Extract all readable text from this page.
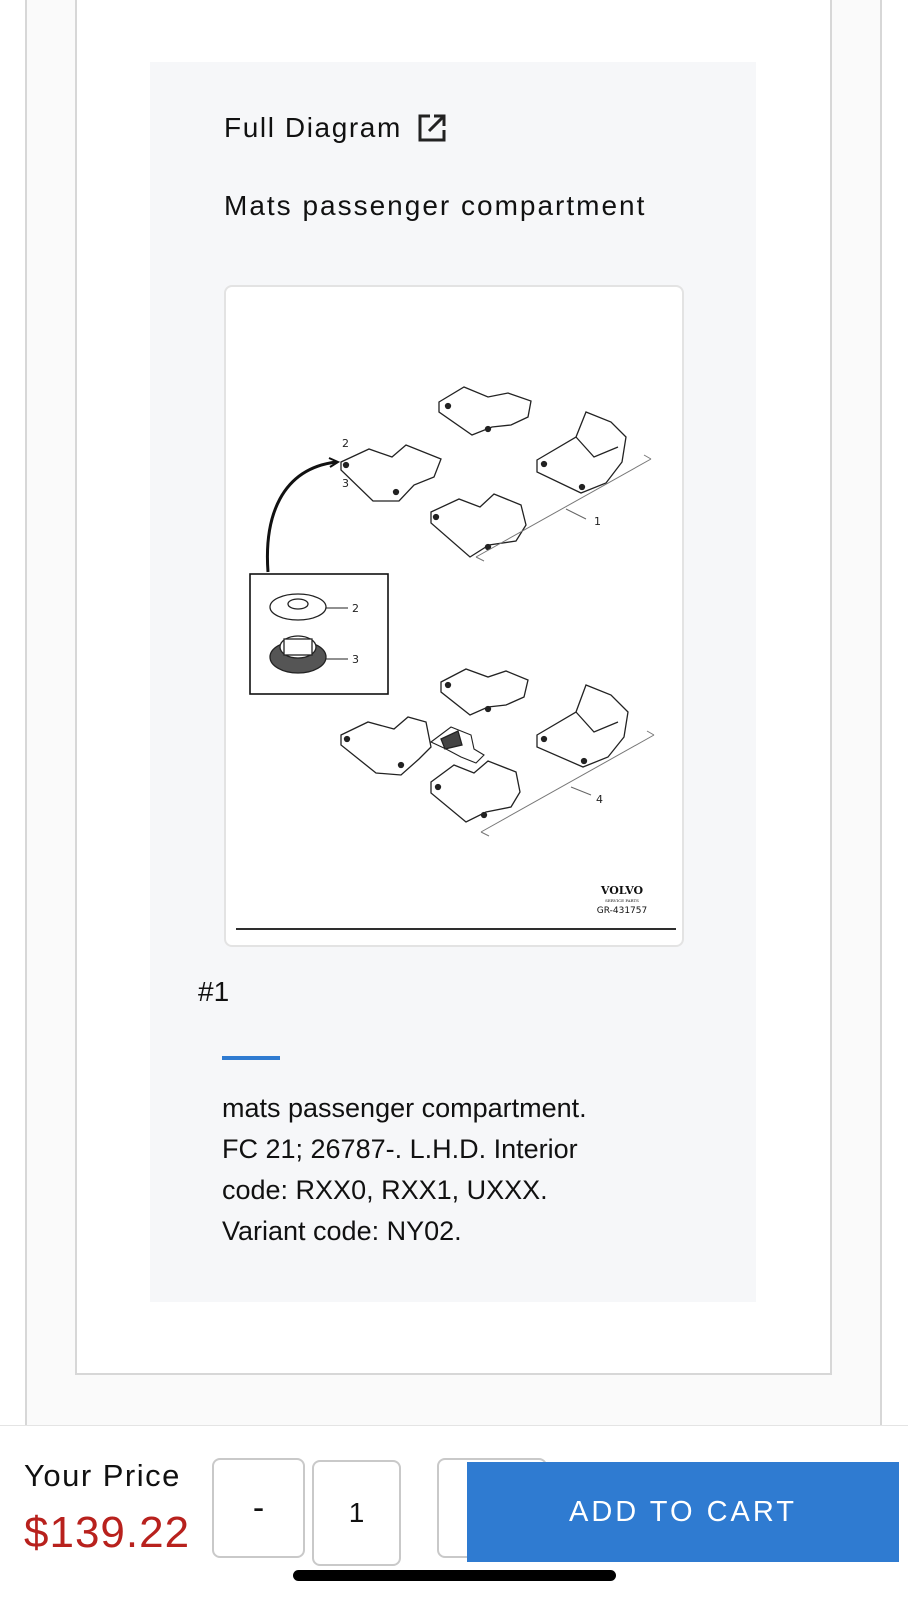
Full Diagram
Mats passenger compartment
2
3
1
2
3
4
VOLVO
SERVICE PARTS
GR-431757
#1
mats passenger compartment.
FC 21; 26787-. L.H.D. Interior
code: RXX0, RXX1, UXXX.
Variant code: NY02.
Your Price
$139.22
-
1	ADD TO CART
